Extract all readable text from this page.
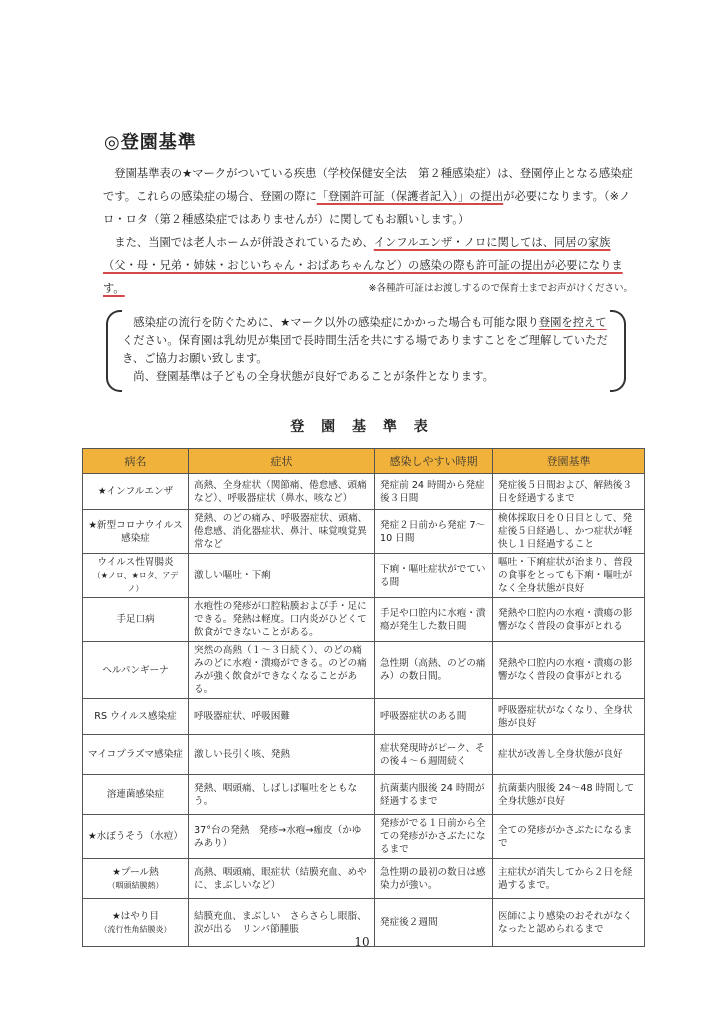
◎登園基準

登園基準表の★マークがついている疾患（学校保健安全法　第２種感染症）は、登園停止となる感染症です。これらの感染症の場合、登園の際に「登園許可証（保護者記入）」の提出が必要になります。（※ノロ・ロタ（第２種感染症ではありませんが）に関してもお願いします。）

また、当園では老人ホームが併設されているため、インフルエンザ・ノロに関しては、同居の家族（父・母・兄弟・姉妹・おじいちゃん・おばあちゃんなど）の感染の際も許可証の提出が必要になります。	※各種許可証はお渡しするので保育士までお声がけください。

感染症の流行を防ぐために、★マーク以外の感染症にかかった場合も可能な限り登園を控えてください。保育園は乳幼児が集団で長時間生活を共にする場でありますことをご理解していただき、ご協力お願い致します。

尚、登園基準は子どもの全身状態が良好であることが条件となります。

登 園 基 準 表
病名	症状	感染しやすい時期	登園基準
★インフルエンザ	高熱、全身症状（関節痛、倦怠感、頭痛など）、呼吸器症状（鼻水、咳など）	発症前 24 時間から発症後３日間	発症後５日間および、解熱後３日を経過するまで
★新型コロナウイルス感染症	発熱、のどの痛み、呼吸器症状、頭痛、倦怠感、消化器症状、鼻汁、味覚嗅覚異常など	発症２日前から発症 7～10 日間	検体採取日を０日目として、発症後５日経過し、かつ症状が軽快し１日経過すること
ウイルス性胃腸炎
（★ノロ、★ロタ、アデノ）	激しい嘔吐・下痢	下痢・嘔吐症状がでている間	嘔吐・下痢症状が治まり、普段の食事をとっても下痢・嘔吐がなく全身状態が良好
手足口病	水疱性の発疹が口腔粘膜および手・足にできる。発熱は軽度。口内炎がひどくて飲食ができないことがある。	手足や口腔内に水疱・潰瘍が発生した数日間	発熱や口腔内の水疱・潰瘍の影響がなく普段の食事がとれる
ヘルパンギーナ	突然の高熱（１～３日続く）、のどの痛みのどに水疱・潰瘍ができる。のどの痛みが強く飲食ができなくなることがある。	急性期（高熱、のどの痛み）の数日間。	発熱や口腔内の水疱・潰瘍の影響がなく普段の食事がとれる
RS ウイルス感染症	呼吸器症状、呼吸困難	呼吸器症状のある間	呼吸器症状がなくなり、全身状態が良好
マイコプラズマ感染症	激しい長引く咳、発熱	症状発現時がピーク、その後４～６週間続く	症状が改善し全身状態が良好
溶連菌感染症	発熱、咽頭痛、しばしば嘔吐をともなう。	抗菌薬内服後 24 時間が経過するまで	抗菌薬内服後 24～48 時間して全身状態が良好
★水ぼうそう（水痘）	37°台の発熱　発疹→水疱→痂皮（かゆみあり）	発疹がでる１日前から全ての発疹がかさぶたになるまで	全ての発疹がかさぶたになるまで
★プール熱
（咽頭結膜熱）	高熱、咽頭痛、眼症状（結膜充血、めやに、まぶしいなど）	急性期の最初の数日は感染力が強い。	主症状が消失してから２日を経過するまで。
★はやり目
（流行性角結膜炎）	結膜充血、まぶしい　さらさらし眼脂、涙が出る　リンパ節腫脹	発症後２週間	医師により感染のおそれがなくなったと認められるまで
10
